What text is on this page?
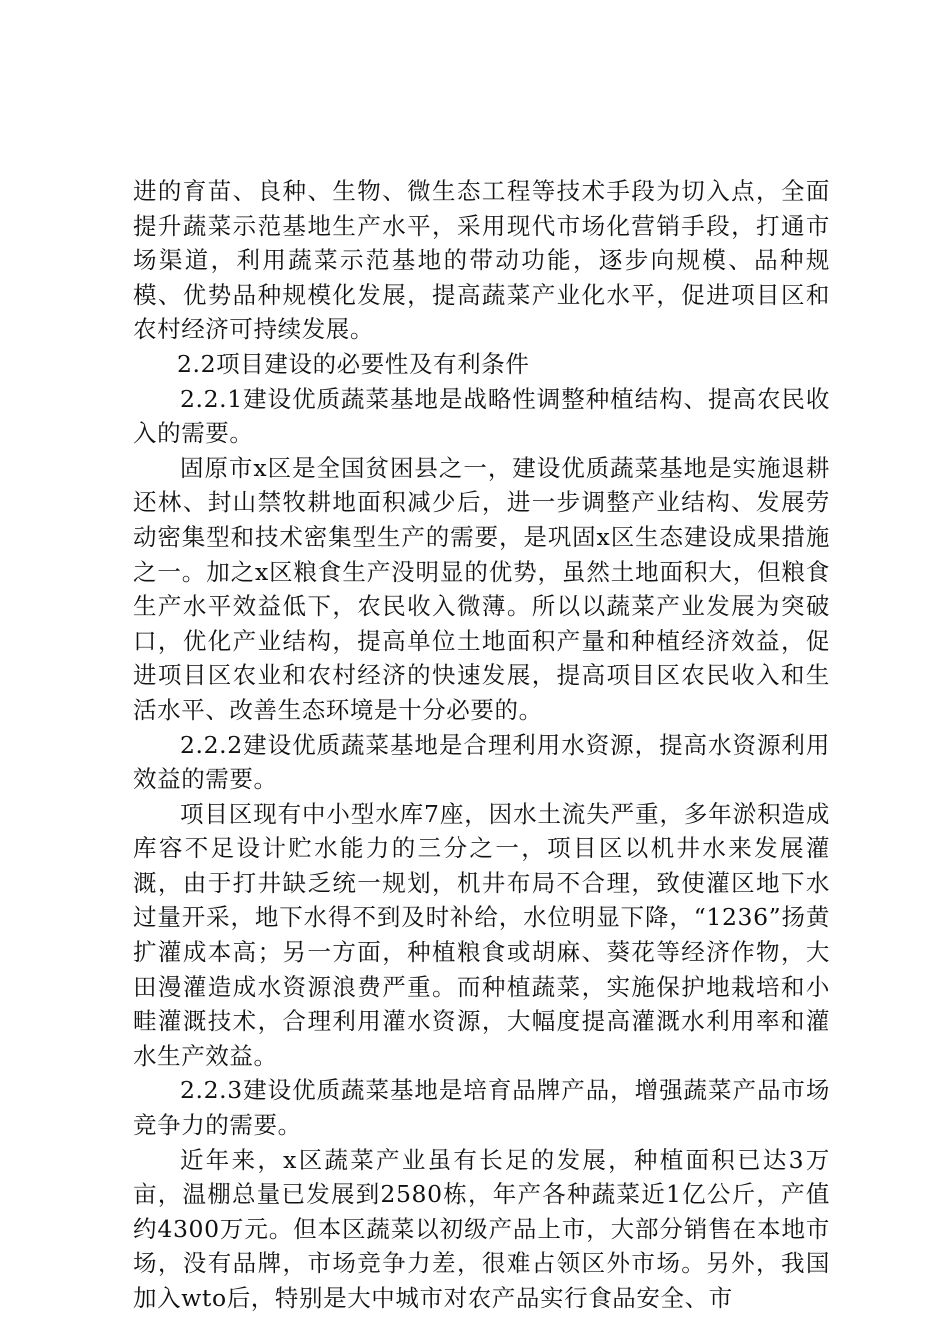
进的育苗、良种、生物、微生态工程等技术手段为切入点，全面提升蔬菜示范基地生产水平，采用现代市场化营销手段，打通市场渠道，利用蔬菜示范基地的带动功能，逐步向规模、品种规模、优势品种规模化发展，提高蔬菜产业化水平，促进项目区和农村经济可持续发展。

2.2项目建设的必要性及有利条件

2.2.1建设优质蔬菜基地是战略性调整种植结构、提高农民收入的需要。

固原市x区是全国贫困县之一，建设优质蔬菜基地是实施退耕还林、封山禁牧耕地面积减少后，进一步调整产业结构、发展劳动密集型和技术密集型生产的需要，是巩固x区生态建设成果措施之一。加之x区粮食生产没明显的优势，虽然土地面积大，但粮食生产水平效益低下，农民收入微薄。所以以蔬菜产业发展为突破口，优化产业结构，提高单位土地面积产量和种植经济效益，促进项目区农业和农村经济的快速发展，提高项目区农民收入和生活水平、改善生态环境是十分必要的。

2.2.2建设优质蔬菜基地是合理利用水资源，提高水资源利用效益的需要。

项目区现有中小型水库7座，因水土流失严重，多年淤积造成库容不足设计贮水能力的三分之一，项目区以机井水来发展灌溉，由于打井缺乏统一规划，机井布局不合理，致使灌区地下水过量开采，地下水得不到及时补给，水位明显下降，“1236”扬黄扩灌成本高；另一方面，种植粮食或胡麻、葵花等经济作物，大田漫灌造成水资源浪费严重。而种植蔬菜，实施保护地栽培和小畦灌溉技术，合理利用灌水资源，大幅度提高灌溉水利用率和灌水生产效益。

2.2.3建设优质蔬菜基地是培育品牌产品，增强蔬菜产品市场竞争力的需要。

近年来，x区蔬菜产业虽有长足的发展，种植面积已达3万亩，温棚总量已发展到2580栋，年产各种蔬菜近1亿公斤，产值约4300万元。但本区蔬菜以初级产品上市，大部分销售在本地市场，没有品牌，市场竞争力差，很难占领区外市场。另外，我国加入wto后，特别是大中城市对农产品实行食品安全、市
